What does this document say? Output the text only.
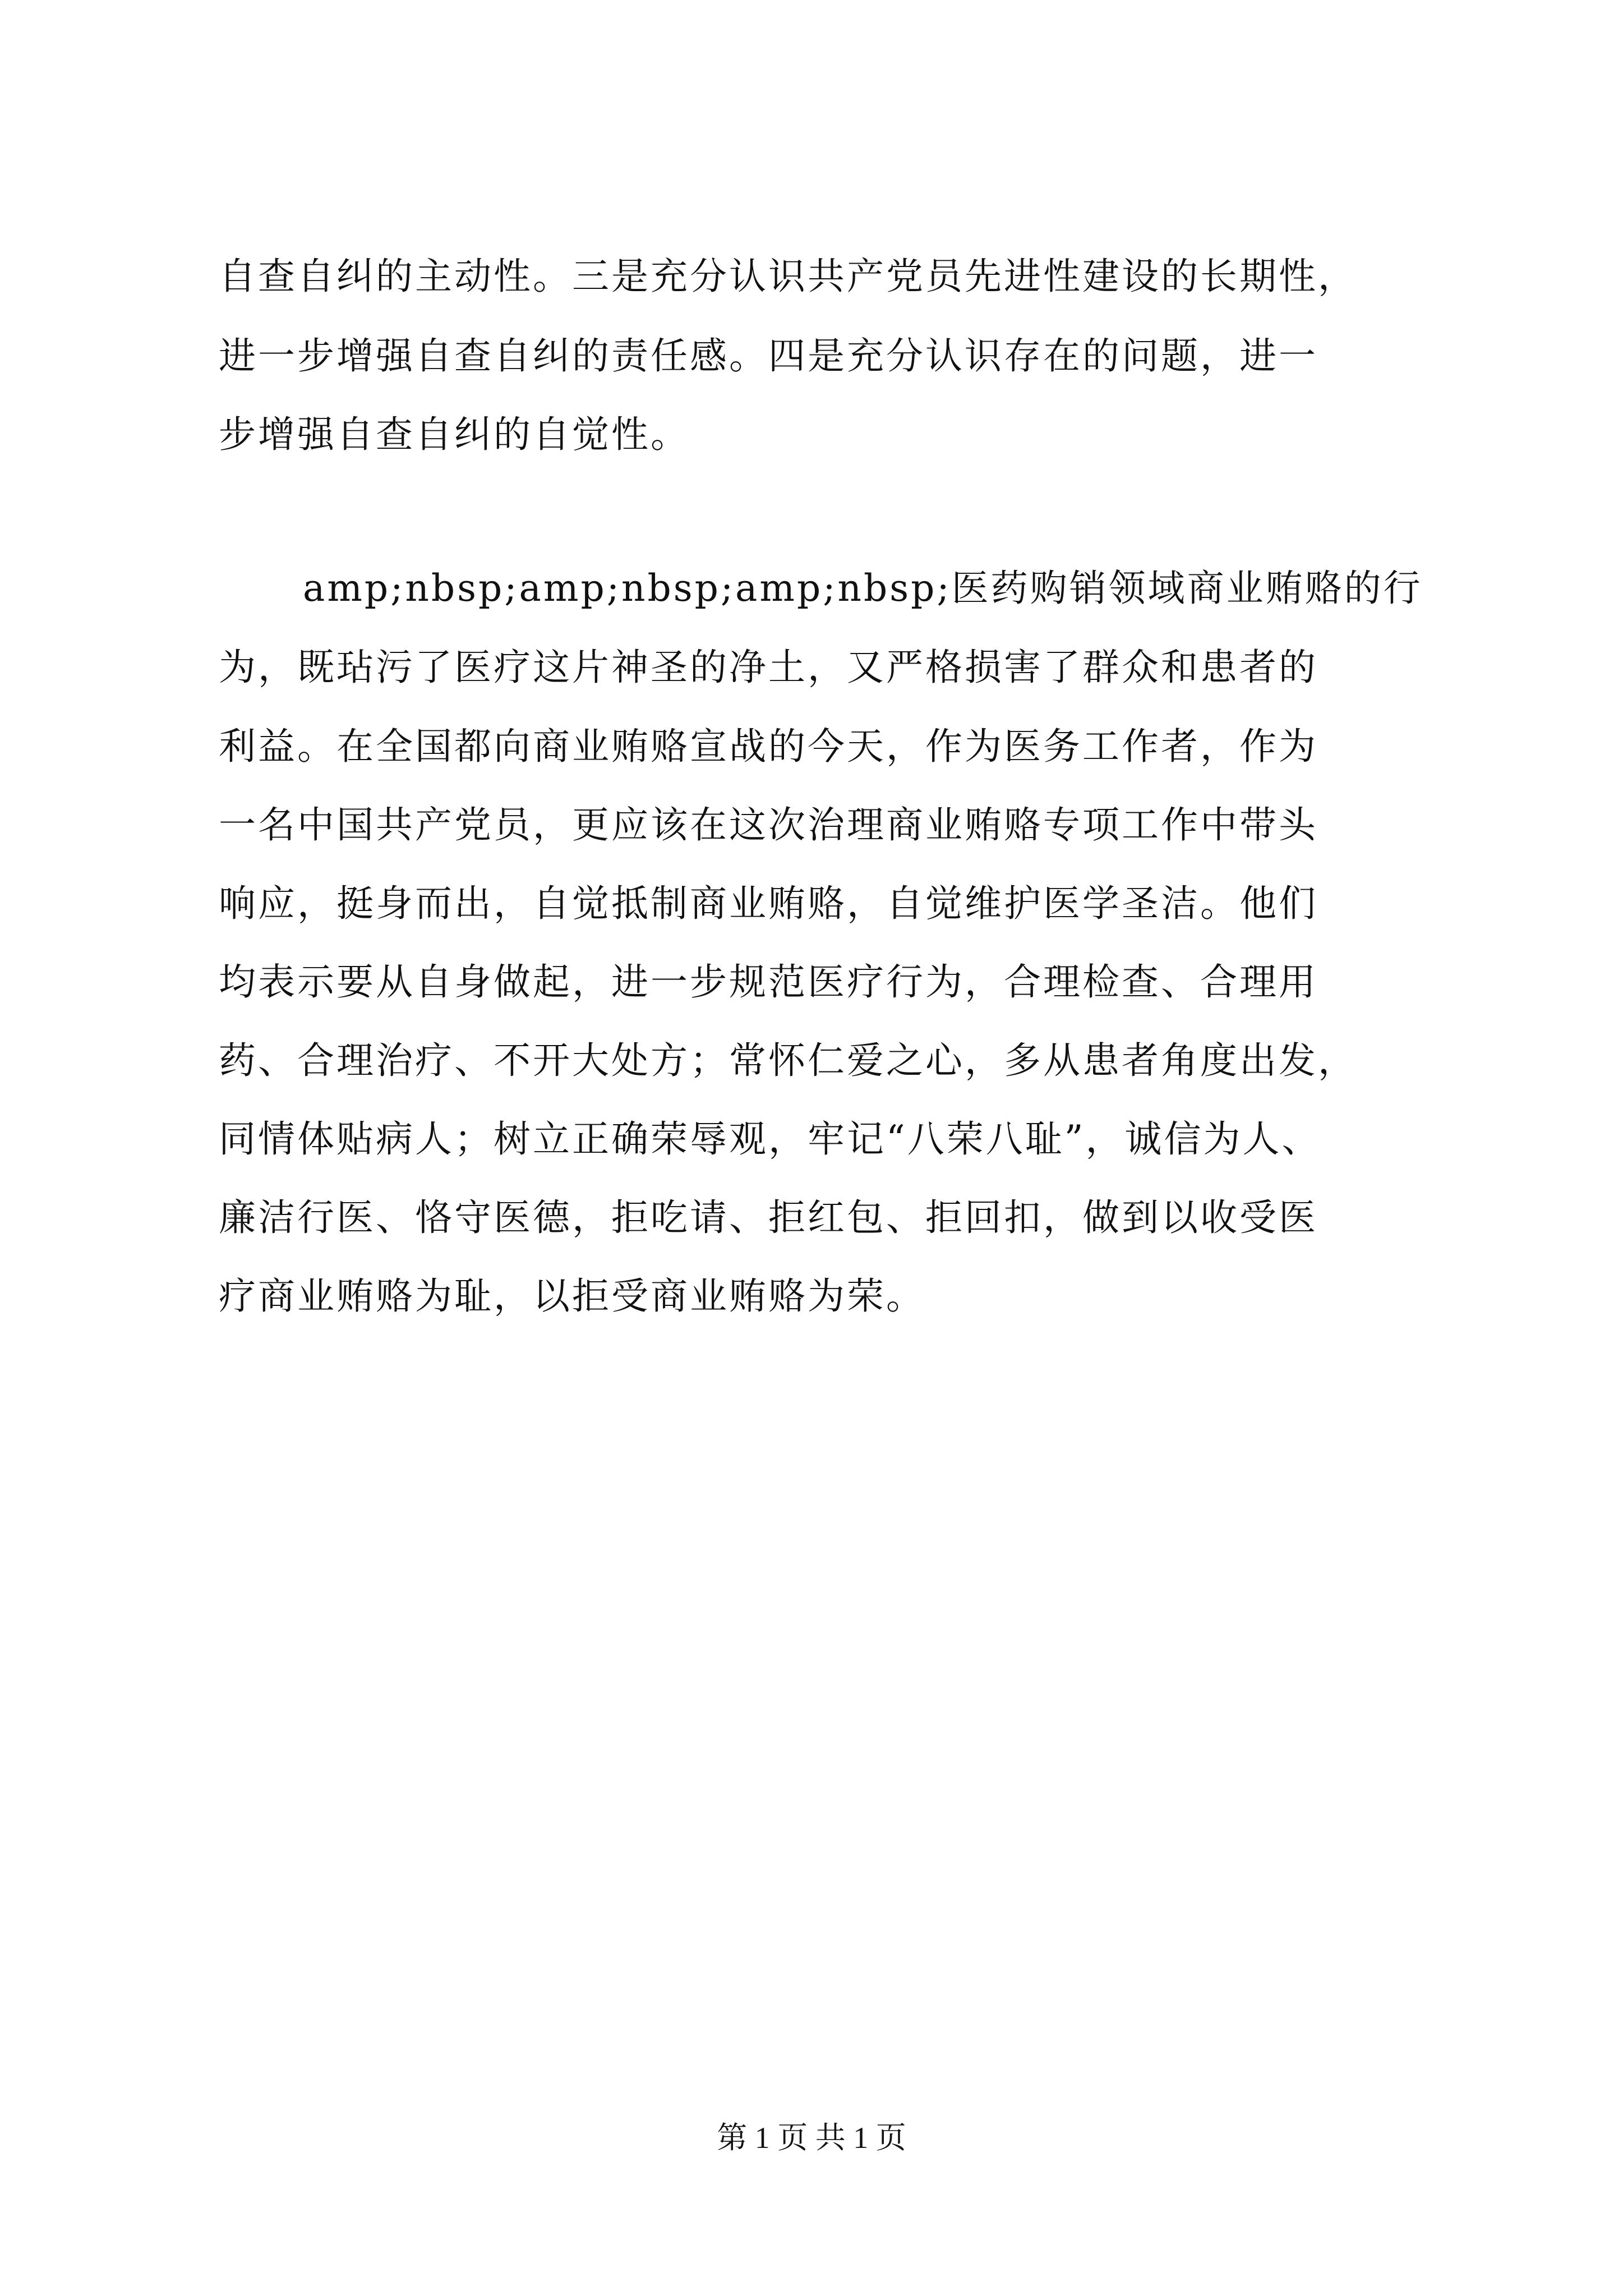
自查自纠的主动性。三是充分认识共产党员先进性建设的长期性，
进一步增强自查自纠的责任感。四是充分认识存在的问题，进一
步增强自查自纠的自觉性。
amp;nbsp;amp;nbsp;amp;nbsp;医药购销领域商业贿赂的行
为，既玷污了医疗这片神圣的净土，又严格损害了群众和患者的
利益。在全国都向商业贿赂宣战的今天，作为医务工作者，作为
一名中国共产党员，更应该在这次治理商业贿赂专项工作中带头
响应，挺身而出，自觉抵制商业贿赂，自觉维护医学圣洁。他们
均表示要从自身做起，进一步规范医疗行为，合理检查、合理用
药、合理治疗、不开大处方；常怀仁爱之心，多从患者角度出发，
同情体贴病人；树立正确荣辱观，牢记“八荣八耻”，诚信为人、
廉洁行医、恪守医德，拒吃请、拒红包、拒回扣，做到以收受医
疗商业贿赂为耻，以拒受商业贿赂为荣。
第 1 页 共 1 页
